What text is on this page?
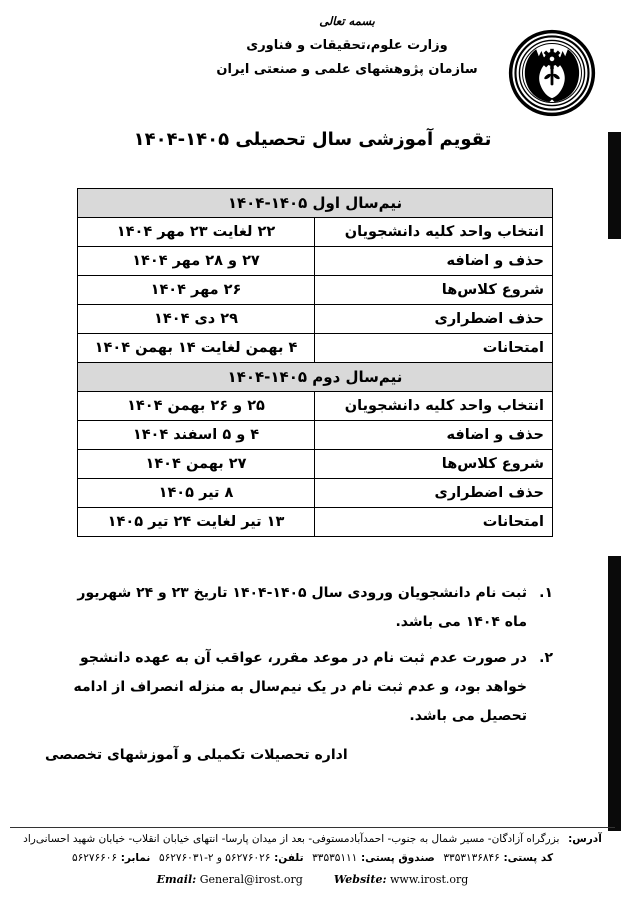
بسمه تعالی
وزارت علوم،تحقیقات و فناوری
سازمان پژوهشهای علمی و صنعتی ایران
تقویم آموزشی سال تحصیلی ۱۴۰۵-۱۴۰۴
نیم‌سال اول ۱۴۰۵-۱۴۰۴	
انتخاب واحد کلیه دانشجویان	۲۲ لغایت ۲۳ مهر ۱۴۰۴
حذف و اضافه	۲۷ و ۲۸ مهر ۱۴۰۴
شروع کلاس‌ها	۲۶ مهر ۱۴۰۴
حذف اضطراری	۲۹ دی ۱۴۰۴
امتحانات	۴ بهمن لغایت ۱۴ بهمن ۱۴۰۴
نیم‌سال دوم ۱۴۰۵-۱۴۰۴	
انتخاب واحد کلیه دانشجویان	۲۵ و ۲۶ بهمن ۱۴۰۴
حذف و اضافه	۴ و ۵ اسفند ۱۴۰۴
شروع کلاس‌ها	۲۷ بهمن ۱۴۰۴
حذف اضطراری	۸ تیر ۱۴۰۵
امتحانات	۱۳ تیر لغایت ۲۴ تیر ۱۴۰۵
۱.
ثبت نام دانشجویان ورودی سال ۱۴۰۵-۱۴۰۴ تاریخ ۲۳ و ۲۴ شهریور ماه ۱۴۰۴ می باشد.
۲.
در صورت عدم ثبت نام در موعد مقرر، عواقب آن به عهده دانشجو خواهد بود، و عدم ثبت نام در یک نیم‌سال به منزله انصراف از ادامه تحصیل می باشد.
اداره تحصیلات تکمیلی و آموزشهای تخصصی
آدرس: بزرگراه آزادگان- مسیر شمال به جنوب- احمدآبادمستوفی- بعد از میدان پارسا- انتهای خیابان انقلاب- خیابان شهید احسانی‌راد
کد پستی: ۳۳۵۳۱۳۶۸۴۶ صندوق پستی: ۳۳۵۳۵۱۱۱ تلفن: ۵۶۲۷۶۰۲۶ و ۲-۵۶۲۷۶۰۳۱ نمابر: ۵۶۲۷۶۶۰۶
Email: General@irost.org	Website: www.irost.org
